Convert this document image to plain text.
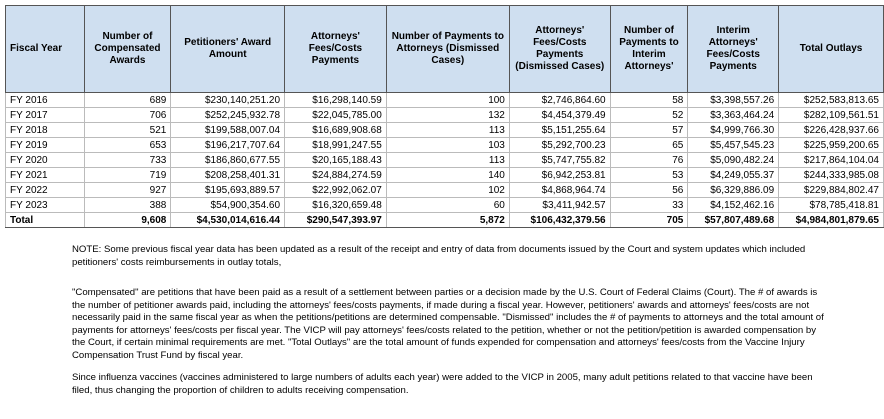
Fiscal Year	Number of Compensated Awards	Petitioners' Award Amount	Attorneys' Fees/Costs Payments	Number of Payments to Attorneys (Dismissed Cases)	Attorneys' Fees/Costs Payments (Dismissed Cases)	Number of Payments to Interim Attorneys'	Interim Attorneys' Fees/Costs Payments	Total Outlays
FY 2016	689	$230,140,251.20	$16,298,140.59	100	$2,746,864.60	58	$3,398,557.26	$252,583,813.65
FY 2017	706	$252,245,932.78	$22,045,785.00	132	$4,454,379.49	52	$3,363,464.24	$282,109,561.51
FY 2018	521	$199,588,007.04	$16,689,908.68	113	$5,151,255.64	57	$4,999,766.30	$226,428,937.66
FY 2019	653	$196,217,707.64	$18,991,247.55	103	$5,292,700.23	65	$5,457,545.23	$225,959,200.65
FY 2020	733	$186,860,677.55	$20,165,188.43	113	$5,747,755.82	76	$5,090,482.24	$217,864,104.04
FY 2021	719	$208,258,401.31	$24,884,274.59	140	$6,942,253.81	53	$4,249,055.37	$244,333,985.08
FY 2022	927	$195,693,889.57	$22,992,062.07	102	$4,868,964.74	56	$6,329,886.09	$229,884,802.47
FY 2023	388	$54,900,354.60	$16,320,659.48	60	$3,411,942.57	33	$4,152,462.16	$78,785,418.81
Total	9,608	$4,530,014,616.44	$290,547,393.97	5,872	$106,432,379.56	705	$57,807,489.68	$4,984,801,879.65

NOTE: Some previous fiscal year data has been updated as a result of the receipt and entry of data from documents issued by the Court and system updates which included petitioners' costs reimbursements in outlay totals,

"Compensated" are petitions that have been paid as a result of a settlement between parties or a decision made by the U.S. Court of Federal Claims (Court). The # of awards is the number of petitioner awards paid, including the attorneys' fees/costs payments, if made during a fiscal year. However, petitioners' awards and attorneys' fees/costs are not necessarily paid in the same fiscal year as when the petitions/petitions are determined compensable. "Dismissed" includes the # of payments to attorneys and the total amount of payments for attorneys' fees/costs per fiscal year. The VICP will pay attorneys' fees/costs related to the petition, whether or not the petition/petition is awarded compensation by the Court, if certain minimal requirements are met. "Total Outlays" are the total amount of funds expended for compensation and attorneys' fees/costs from the Vaccine Injury Compensation Trust Fund by fiscal year.

Since influenza vaccines (vaccines administered to large numbers of adults each year) were added to the VICP in 2005, many adult petitions related to that vaccine have been filed, thus changing the proportion of children to adults receiving compensation.
